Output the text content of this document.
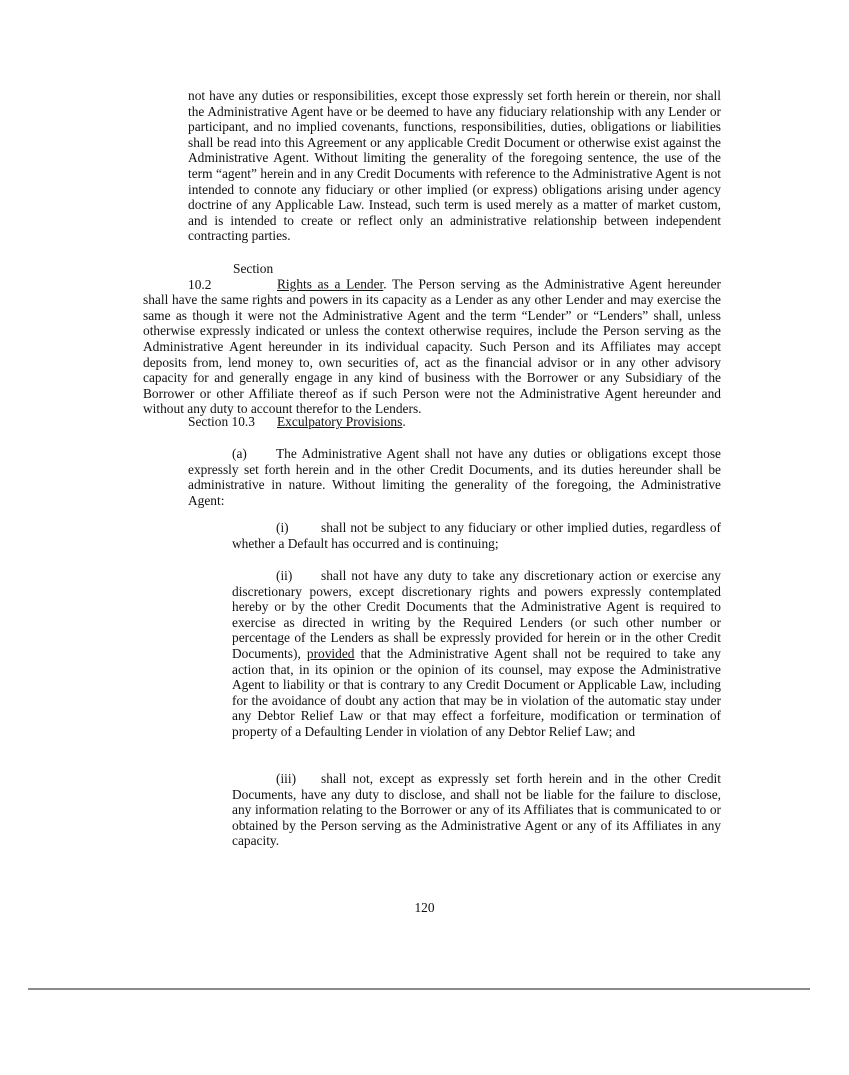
not have any duties or responsibilities, except those expressly set forth herein or therein, nor shall the Administrative Agent have or be deemed to have any fiduciary relationship with any Lender or participant, and no implied covenants, functions, responsibilities, duties, obligations or liabilities shall be read into this Agreement or any applicable Credit Document or otherwise exist against the Administrative Agent. Without limiting the generality of the foregoing sentence, the use of the term “agent” herein and in any Credit Documents with reference to the Administrative Agent is not intended to connote any fiduciary or other implied (or express) obligations arising under agency doctrine of any Applicable Law. Instead, such term is used merely as a matter of market custom, and is intended to create or reflect only an administrative relationship between independent contracting parties.

Section 10.2	Rights as a Lender. The Person serving as the Administrative Agent hereunder shall have the same rights and powers in its capacity as a Lender as any other Lender and may exercise the same as though it were not the Administrative Agent and the term “Lender” or “Lenders” shall, unless otherwise expressly indicated or unless the context otherwise requires, include the Person serving as the Administrative Agent hereunder in its individual capacity. Such Person and its Affiliates may accept deposits from, lend money to, own securities of, act as the financial advisor or in any other advisory capacity for and generally engage in any kind of business with the Borrower or any Subsidiary of the Borrower or other Affiliate thereof as if such Person were not the Administrative Agent hereunder and without any duty to account therefor to the Lenders.

Section 10.3 Exculpatory Provisions.

(a) The Administrative Agent shall not have any duties or obligations except those expressly set forth herein and in the other Credit Documents, and its duties hereunder shall be administrative in nature. Without limiting the generality of the foregoing, the Administrative Agent:

(i) shall not be subject to any fiduciary or other implied duties, regardless of whether a Default has occurred and is continuing;

(ii) shall not have any duty to take any discretionary action or exercise any discretionary powers, except discretionary rights and powers expressly contemplated hereby or by the other Credit Documents that the Administrative Agent is required to exercise as directed in writing by the Required Lenders (or such other number or percentage of the Lenders as shall be expressly provided for herein or in the other Credit Documents), provided that the Administrative Agent shall not be required to take any action that, in its opinion or the opinion of its counsel, may expose the Administrative Agent to liability or that is contrary to any Credit Document or Applicable Law, including for the avoidance of doubt any action that may be in violation of the automatic stay under any Debtor Relief Law or that may effect a forfeiture, modification or termination of property of a Defaulting Lender in violation of any Debtor Relief Law; and

(iii) shall not, except as expressly set forth herein and in the other Credit Documents, have any duty to disclose, and shall not be liable for the failure to disclose, any information relating to the Borrower or any of its Affiliates that is communicated to or obtained by the Person serving as the Administrative Agent or any of its Affiliates in any capacity.

120
